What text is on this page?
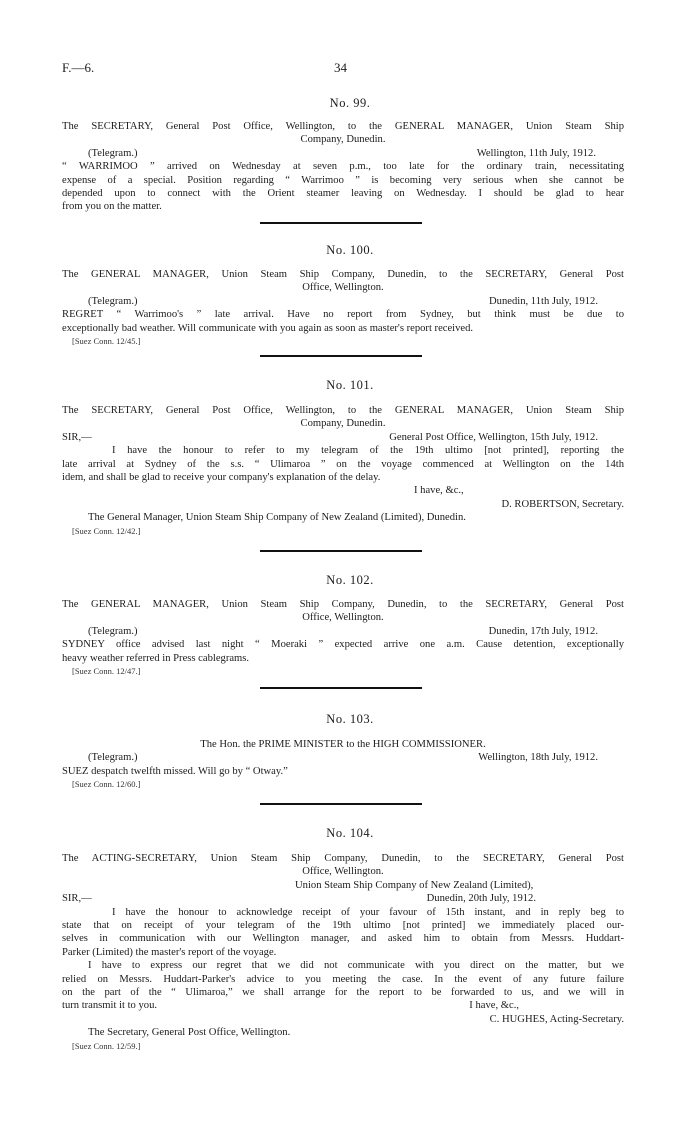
F.—6.	34
No. 99.
The SECRETARY, General Post Office, Wellington, to the GENERAL MANAGER, Union Steam Ship
Company, Dunedin.
(Telegram.)	Wellington, 11th July, 1912.
“ WARRIMOO ” arrived on Wednesday at seven p.m., too late for the ordinary train, necessitating
expense of a special. Position regarding “ Warrimoo ” is becoming very serious when she cannot be
depended upon to connect with the Orient steamer leaving on Wednesday. I should be glad to hear
from you on the matter.
No. 100.
The GENERAL MANAGER, Union Steam Ship Company, Dunedin, to the SECRETARY, General Post
Office, Wellington.
(Telegram.)	Dunedin, 11th July, 1912.
REGRET “ Warrimoo's ” late arrival. Have no report from Sydney, but think must be due to
exceptionally bad weather. Will communicate with you again as soon as master's report received.
[Suez Conn. 12/45.]
No. 101.
The SECRETARY, General Post Office, Wellington, to the GENERAL MANAGER, Union Steam Ship
Company, Dunedin.
SIR,—	General Post Office, Wellington, 15th July, 1912.
I have the honour to refer to my telegram of the 19th ultimo [not printed], reporting the
late arrival at Sydney of the s.s. “ Ulimaroa ” on the voyage commenced at Wellington on the 14th
idem, and shall be glad to receive your company's explanation of the delay.
I have, &c.,
D. ROBERTSON, Secretary.
The General Manager, Union Steam Ship Company of New Zealand (Limited), Dunedin.
[Suez Conn. 12/42.]
No. 102.
The GENERAL MANAGER, Union Steam Ship Company, Dunedin, to the SECRETARY, General Post
Office, Wellington.
(Telegram.)	Dunedin, 17th July, 1912.
SYDNEY office advised last night “ Moeraki ” expected arrive one a.m. Cause detention, exceptionally
heavy weather referred in Press cablegrams.
[Suez Conn. 12/47.]
No. 103.
The Hon. the PRIME MINISTER to the HIGH COMMISSIONER.
(Telegram.)	Wellington, 18th July, 1912.
SUEZ despatch twelfth missed. Will go by “ Otway.”
[Suez Conn. 12/60.]
No. 104.
The ACTING-SECRETARY, Union Steam Ship Company, Dunedin, to the SECRETARY, General Post
Office, Wellington.
Union Steam Ship Company of New Zealand (Limited),
SIR,—	Dunedin, 20th July, 1912.
I have the honour to acknowledge receipt of your favour of 15th instant, and in reply beg to
state that on receipt of your telegram of the 19th ultimo [not printed] we immediately placed our-
selves in communication with our Wellington manager, and asked him to obtain from Messrs. Huddart-
Parker (Limited) the master's report of the voyage.
I have to express our regret that we did not communicate with you direct on the matter, but we
relied on Messrs. Huddart-Parker's advice to you meeting the case. In the event of any future failure
on the part of the “ Ulimaroa,” we shall arrange for the report to be forwarded to us, and we will in
turn transmit it to you.	I have, &c.,
C. HUGHES, Acting-Secretary.
The Secretary, General Post Office, Wellington.
[Suez Conn. 12/59.]
